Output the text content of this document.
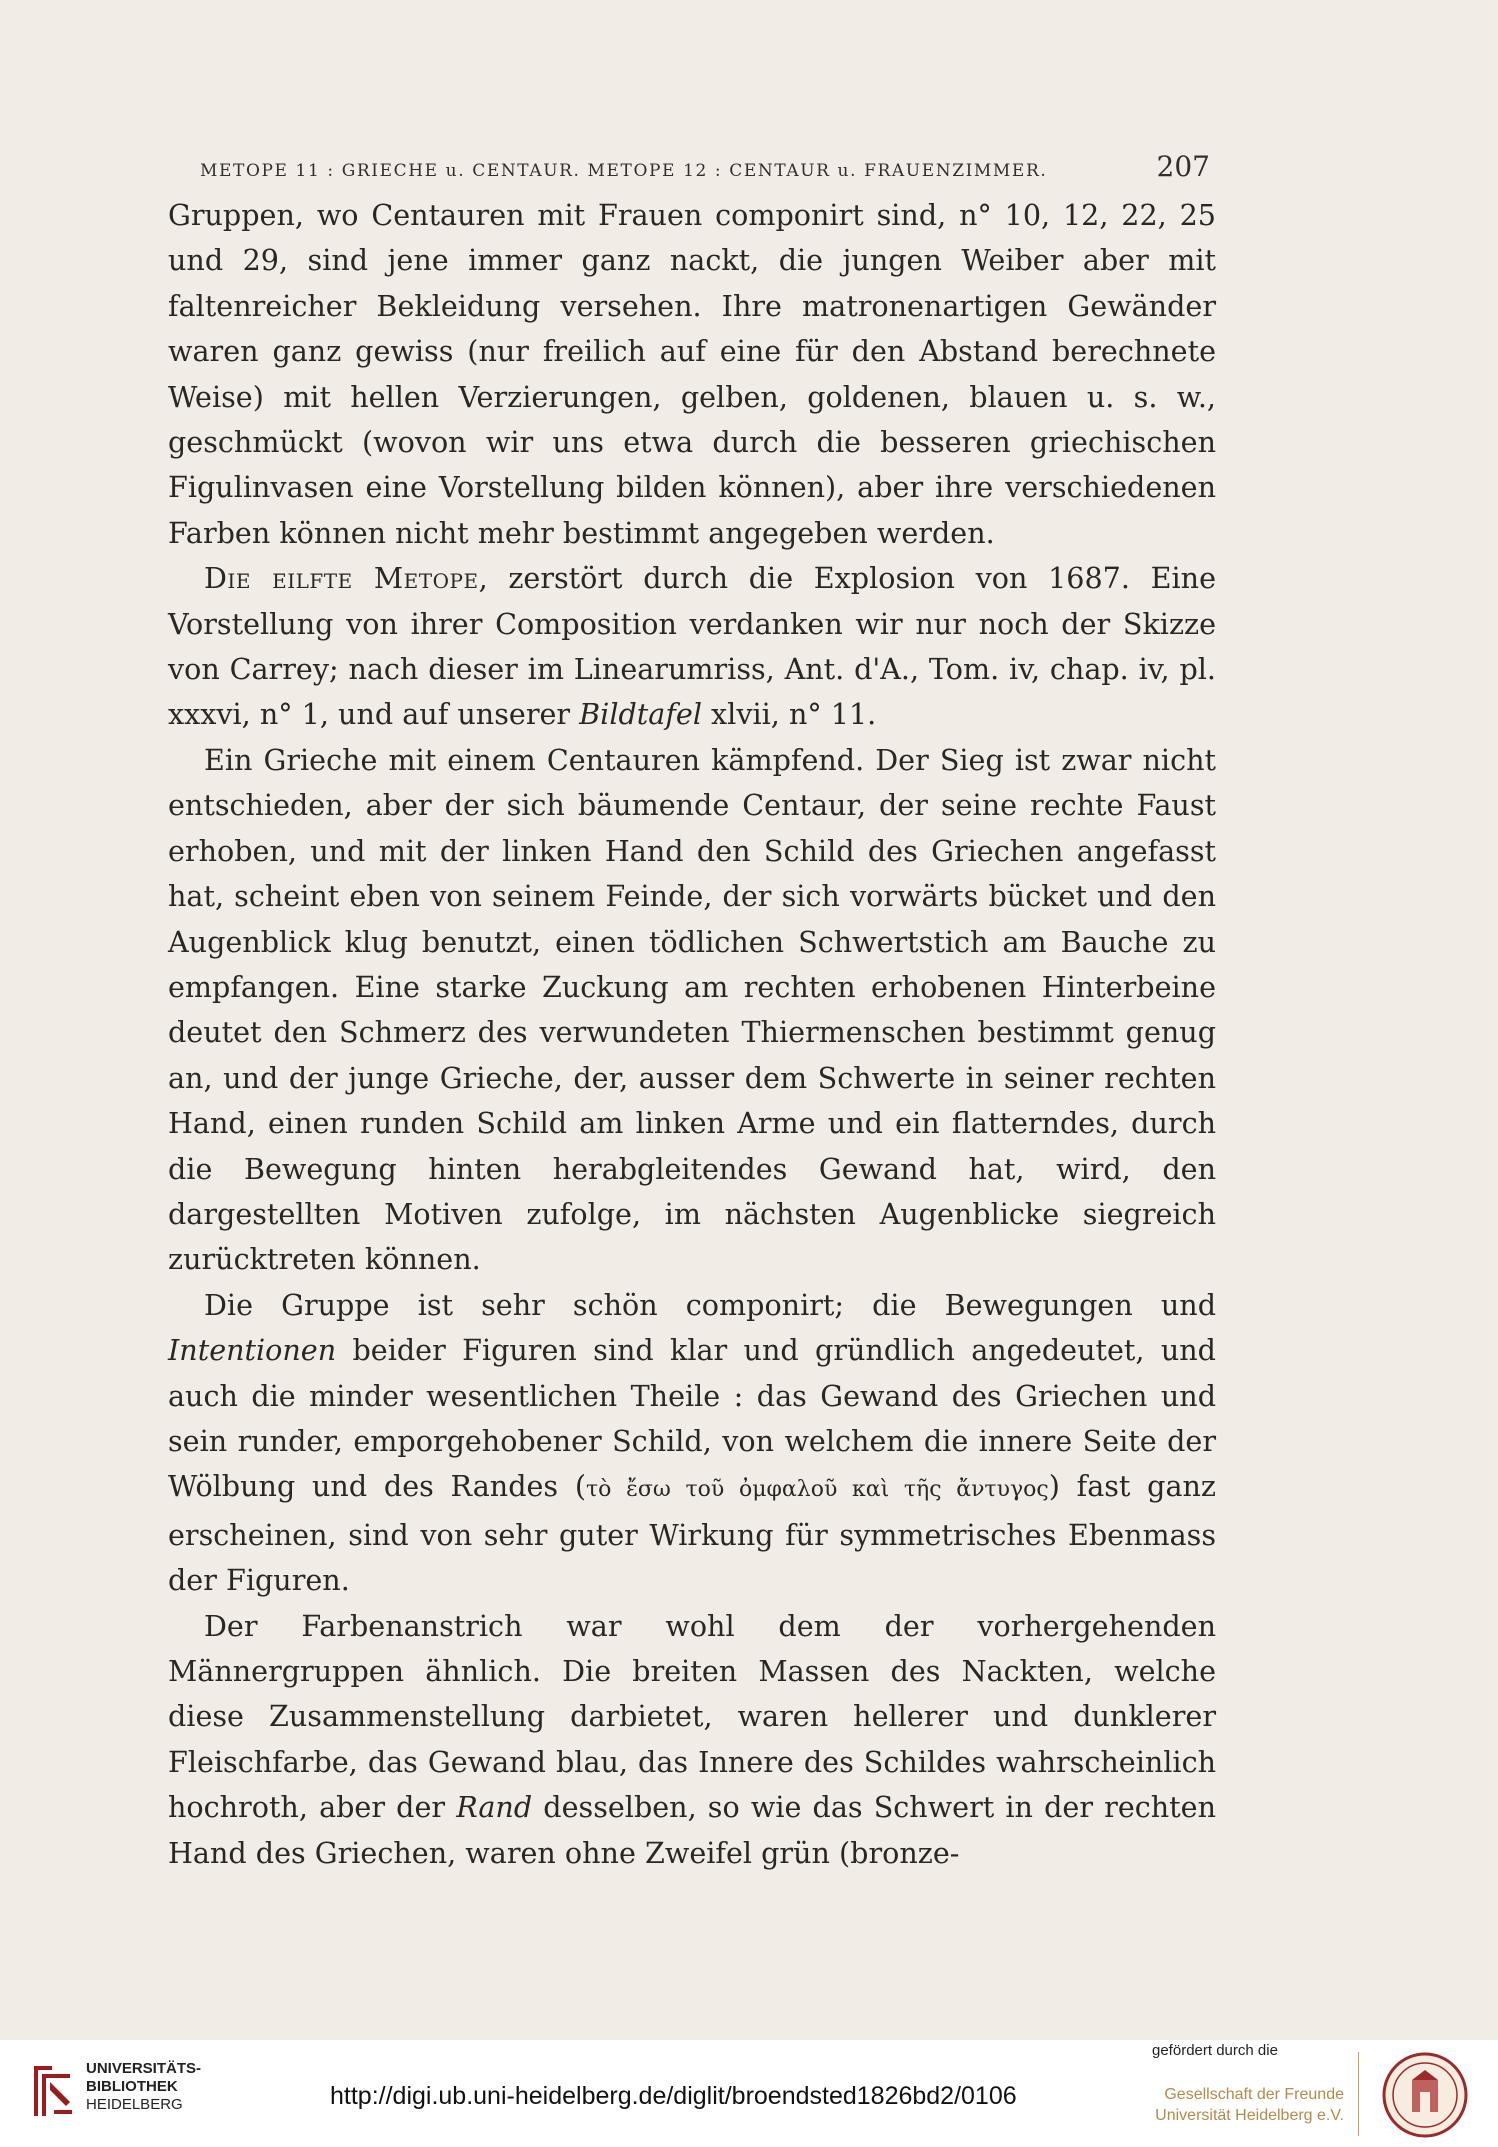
METOPE 11 : GRIECHE u. CENTAUR. METOPE 12 : CENTAUR u. FRAUENZIMMER.	207

Gruppen, wo Centauren mit Frauen componirt sind, n° 10, 12, 22, 25 und 29, sind jene immer ganz nackt, die jungen Weiber aber mit faltenreicher Bekleidung versehen. Ihre matronenartigen Gewänder waren ganz gewiss (nur freilich auf eine für den Abstand berechnete Weise) mit hellen Verzierungen, gelben, goldenen, blauen u. s. w., geschmückt (wovon wir uns etwa durch die besseren griechischen Figulinvasen eine Vorstellung bilden können), aber ihre verschiedenen Farben können nicht mehr bestimmt angegeben werden.

Die eilfte Metope, zerstört durch die Explosion von 1687. Eine Vorstellung von ihrer Composition verdanken wir nur noch der Skizze von Carrey; nach dieser im Linearumriss, Ant. d'A., Tom. iv, chap. iv, pl. xxxvi, n° 1, und auf unserer Bildtafel xlvii, n° 11.

Ein Grieche mit einem Centauren kämpfend. Der Sieg ist zwar nicht entschieden, aber der sich bäumende Centaur, der seine rechte Faust erhoben, und mit der linken Hand den Schild des Griechen angefasst hat, scheint eben von seinem Feinde, der sich vorwärts bücket und den Augenblick klug benutzt, einen tödlichen Schwertstich am Bauche zu empfangen. Eine starke Zuckung am rechten erhobenen Hinterbeine deutet den Schmerz des verwundeten Thiermenschen bestimmt genug an, und der junge Grieche, der, ausser dem Schwerte in seiner rechten Hand, einen runden Schild am linken Arme und ein flatterndes, durch die Bewegung hinten herabgleitendes Gewand hat, wird, den dargestellten Motiven zufolge, im nächsten Augenblicke siegreich zurücktreten können.

Die Gruppe ist sehr schön componirt; die Bewegungen und Intentionen beider Figuren sind klar und gründlich angedeutet, und auch die minder wesentlichen Theile : das Gewand des Griechen und sein runder, emporgehobener Schild, von welchem die innere Seite der Wölbung und des Randes (τὸ ἔσω τοῦ ὀμφαλοῦ καὶ τῆς ἄντυγος) fast ganz erscheinen, sind von sehr guter Wirkung für symmetrisches Ebenmass der Figuren.

Der Farbenanstrich war wohl dem der vorhergehenden Männergruppen ähnlich. Die breiten Massen des Nackten, welche diese Zusammenstellung darbietet, waren hellerer und dunklerer Fleischfarbe, das Gewand blau, das Innere des Schildes wahrscheinlich hochroth, aber der Rand desselben, so wie das Schwert in der rechten Hand des Griechen, waren ohne Zweifel grün (bronze-

UNIVERSITÄTS-
BIBLIOTHEK
HEIDELBERG	http://digi.ub.uni-heidelberg.de/diglit/broendsted1826bd2/0106
gefördert durch die
Gesellschaft der Freunde
Universität Heidelberg e.V.
